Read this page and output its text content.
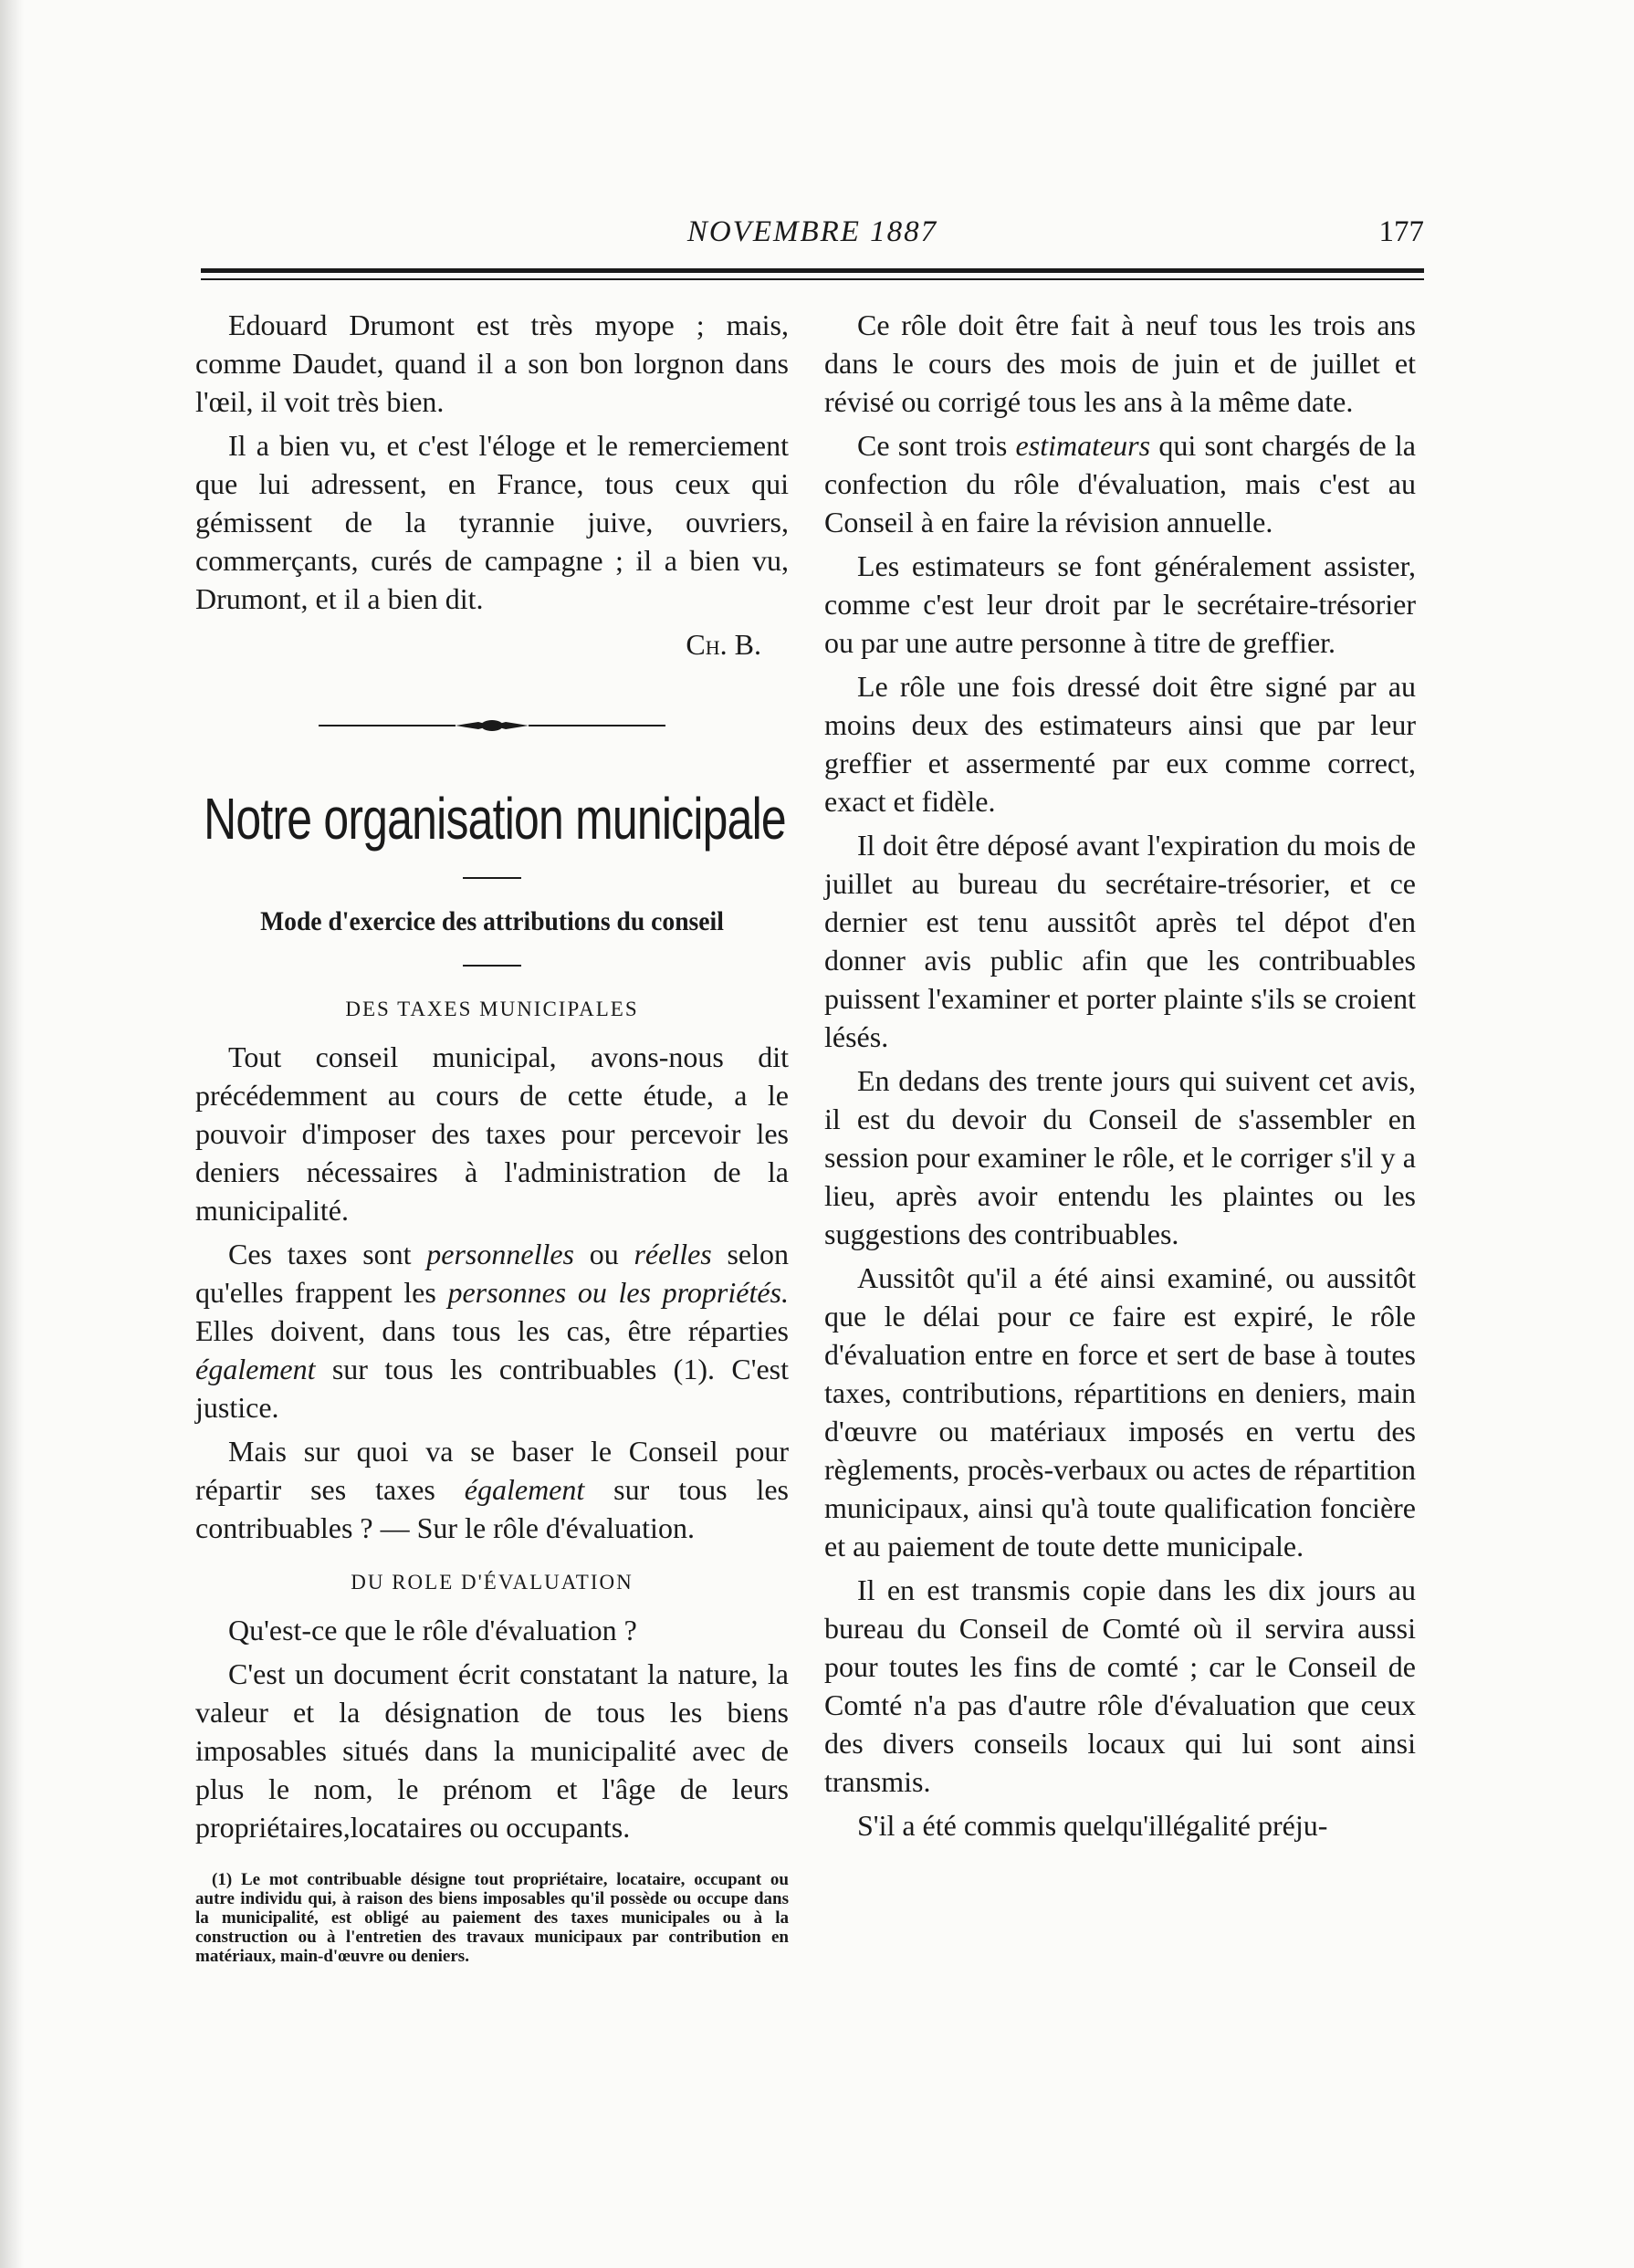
NOVEMBRE 1887	177

Edouard Drumont est très myope ; mais, comme Daudet, quand il a son bon lorgnon dans l'œil, il voit très bien.

Il a bien vu, et c'est l'éloge et le remerciement que lui adressent, en France, tous ceux qui gémissent de la tyrannie juive, ouvriers, commerçants, curés de campagne ; il a bien vu, Drumont, et il a bien dit.

Ch. B.
Notre organisation municipale
Mode d'exercice des attributions du conseil
DES TAXES MUNICIPALES

Tout conseil municipal, avons-nous dit précédemment au cours de cette étude, a le pouvoir d'imposer des taxes pour percevoir les deniers nécessaires à l'administration de la municipalité.

Ces taxes sont personnelles ou réelles selon qu'elles frappent les personnes ou les propriétés. Elles doivent, dans tous les cas, être réparties également sur tous les contribuables (1). C'est justice.

Mais sur quoi va se baser le Conseil pour répartir ses taxes également sur tous les contribuables ? — Sur le rôle d'évaluation.

DU ROLE D'ÉVALUATION

Qu'est-ce que le rôle d'évaluation ?

C'est un document écrit constatant la nature, la valeur et la désignation de tous les biens imposables situés dans la municipalité avec de plus le nom, le prénom et l'âge de leurs propriétaires,locataires ou occupants.

(1) Le mot contribuable désigne tout propriétaire, locataire, occupant ou autre individu qui, à raison des biens imposables qu'il possède ou occupe dans la municipalité, est obligé au paiement des taxes municipales ou à la construction ou à l'entretien des travaux municipaux par contribution en matériaux, main-d'œuvre ou deniers.

Ce rôle doit être fait à neuf tous les trois ans dans le cours des mois de juin et de juillet et révisé ou corrigé tous les ans à la même date.

Ce sont trois estimateurs qui sont chargés de la confection du rôle d'évaluation, mais c'est au Conseil à en faire la révision annuelle.

Les estimateurs se font généralement assister, comme c'est leur droit par le secrétaire-trésorier ou par une autre personne à titre de greffier.

Le rôle une fois dressé doit être signé par au moins deux des estimateurs ainsi que par leur greffier et assermenté par eux comme correct, exact et fidèle.

Il doit être déposé avant l'expiration du mois de juillet au bureau du secrétaire-trésorier, et ce dernier est tenu aussitôt après tel dépot d'en donner avis public afin que les contribuables puissent l'examiner et porter plainte s'ils se croient lésés.

En dedans des trente jours qui suivent cet avis, il est du devoir du Conseil de s'assembler en session pour examiner le rôle, et le corriger s'il y a lieu, après avoir entendu les plaintes ou les suggestions des contribuables.

Aussitôt qu'il a été ainsi examiné, ou aussitôt que le délai pour ce faire est expiré, le rôle d'évaluation entre en force et sert de base à toutes taxes, contributions, répartitions en deniers, main d'œuvre ou matériaux imposés en vertu des règlements, procès-verbaux ou actes de répartition municipaux, ainsi qu'à toute qualification foncière et au paiement de toute dette municipale.

Il en est transmis copie dans les dix jours au bureau du Conseil de Comté où il servira aussi pour toutes les fins de comté ; car le Conseil de Comté n'a pas d'autre rôle d'évaluation que ceux des divers conseils locaux qui lui sont ainsi transmis.

S'il a été commis quelqu'illégalité préju-
